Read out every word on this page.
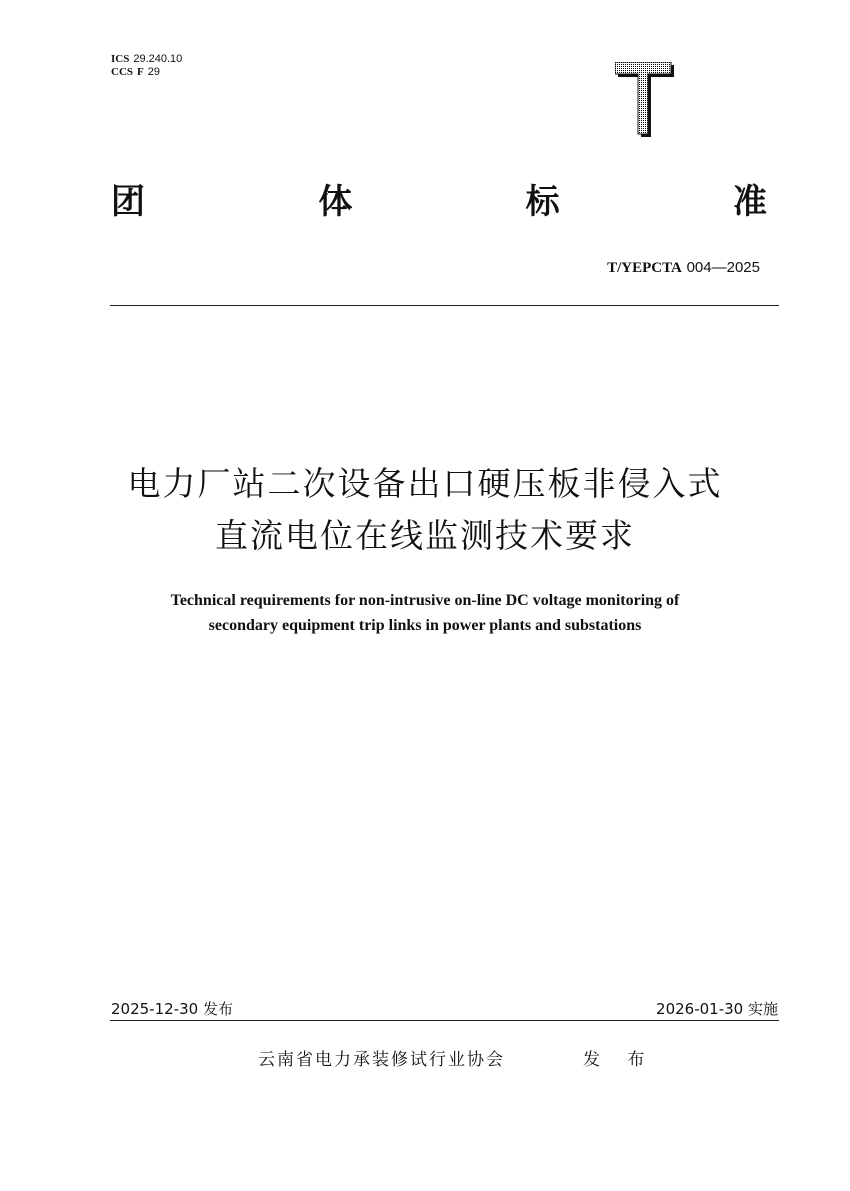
ICS 29.240.10
CCS F 29
团	体	标	准
T/YEPCTA 004—2025
电力厂站二次设备出口硬压板非侵入式
直流电位在线监测技术要求
Technical requirements for non-intrusive on-line DC voltage monitoring of
secondary equipment trip links in power plants and substations
2025-12-30 发布	2026-01-30 实施
云南省电力承装修试行业协会	发 布
